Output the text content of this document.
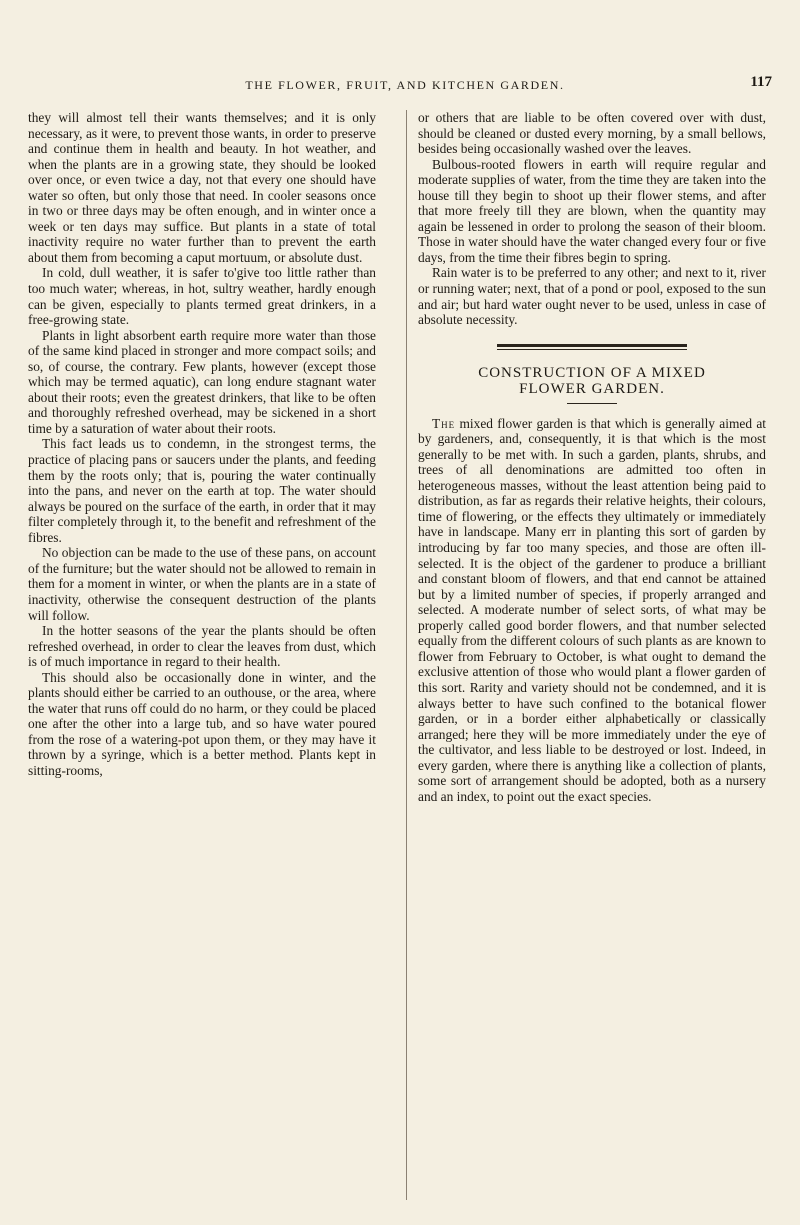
THE FLOWER, FRUIT, AND KITCHEN GARDEN.	117

they will almost tell their wants themselves; and it is only necessary, as it were, to prevent those wants, in order to preserve and continue them in health and beauty. In hot weather, and when the plants are in a growing state, they should be looked over once, or even twice a day, not that every one should have water so often, but only those that need. In cooler seasons once in two or three days may be often enough, and in winter once a week or ten days may suffice. But plants in a state of total inactivity require no water further than to prevent the earth about them from becoming a caput mortuum, or absolute dust.

In cold, dull weather, it is safer to'give too little rather than too much water; whereas, in hot, sultry weather, hardly enough can be given, especially to plants termed great drinkers, in a free-growing state.

Plants in light absorbent earth require more water than those of the same kind placed in stronger and more compact soils; and so, of course, the contrary. Few plants, however (except those which may be termed aquatic), can long endure stagnant water about their roots; even the greatest drinkers, that like to be often and thoroughly refreshed overhead, may be sickened in a short time by a saturation of water about their roots.

This fact leads us to condemn, in the strongest terms, the practice of placing pans or saucers under the plants, and feeding them by the roots only; that is, pouring the water continually into the pans, and never on the earth at top. The water should always be poured on the surface of the earth, in order that it may filter completely through it, to the benefit and refreshment of the fibres.

No objection can be made to the use of these pans, on account of the furniture; but the water should not be allowed to remain in them for a moment in winter, or when the plants are in a state of inactivity, otherwise the consequent destruction of the plants will follow.

In the hotter seasons of the year the plants should be often refreshed overhead, in order to clear the leaves from dust, which is of much importance in regard to their health.

This should also be occasionally done in winter, and the plants should either be carried to an outhouse, or the area, where the water that runs off could do no harm, or they could be placed one after the other into a large tub, and so have water poured from the rose of a watering-pot upon them, or they may have it thrown by a syringe, which is a better method. Plants kept in sitting-rooms,

or others that are liable to be often covered over with dust, should be cleaned or dusted every morning, by a small bellows, besides being occasionally washed over the leaves.

Bulbous-rooted flowers in earth will require regular and moderate supplies of water, from the time they are taken into the house till they begin to shoot up their flower stems, and after that more freely till they are blown, when the quantity may again be lessened in order to prolong the season of their bloom. Those in water should have the water changed every four or five days, from the time their fibres begin to spring.

Rain water is to be preferred to any other; and next to it, river or running water; next, that of a pond or pool, exposed to the sun and air; but hard water ought never to be used, unless in case of absolute necessity.

CONSTRUCTION OF A MIXED
FLOWER GARDEN.

The mixed flower garden is that which is generally aimed at by gardeners, and, consequently, it is that which is the most generally to be met with. In such a garden, plants, shrubs, and trees of all denominations are admitted too often in heterogeneous masses, without the least attention being paid to distribution, as far as regards their relative heights, their colours, time of flowering, or the effects they ultimately or immediately have in landscape. Many err in planting this sort of garden by introducing by far too many species, and those are often ill-selected. It is the object of the gardener to produce a brilliant and constant bloom of flowers, and that end cannot be attained but by a limited number of species, if properly arranged and selected. A moderate number of select sorts, of what may be properly called good border flowers, and that number selected equally from the different colours of such plants as are known to flower from February to October, is what ought to demand the exclusive attention of those who would plant a flower garden of this sort. Rarity and variety should not be condemned, and it is always better to have such confined to the botanical flower garden, or in a border either alphabetically or classically arranged; here they will be more immediately under the eye of the cultivator, and less liable to be destroyed or lost. Indeed, in every garden, where there is anything like a collection of plants, some sort of arrangement should be adopted, both as a nursery and an index, to point out the exact species.
